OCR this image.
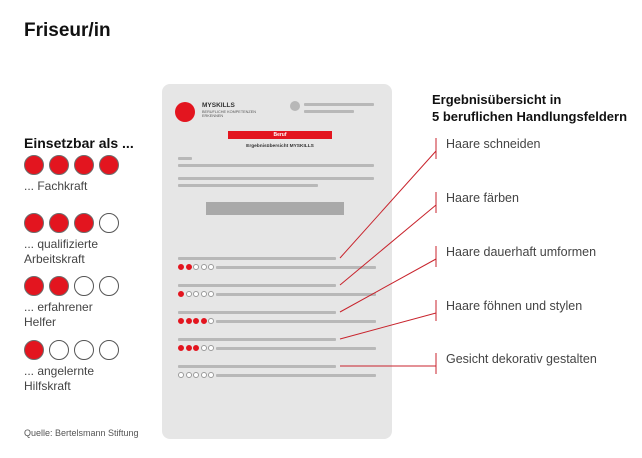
Friseur/in
Einsetzbar als ...
... Fachkraft
... qualifizierte
Arbeitskraft
... erfahrener
Helfer
... angelernte
Hilfskraft
Quelle: Bertelsmann Stiftung
MYSKILLS
BERUFLICHE KOMPETENZEN ERKENNEN
Beruf
Ergebnisübersicht MYSKILLS
Ergebnisübersicht in
5 beruflichen Handlungsfeldern
Haare schneiden
Haare färben
Haare dauerhaft umformen
Haare föhnen und stylen
Gesicht dekorativ gestalten
